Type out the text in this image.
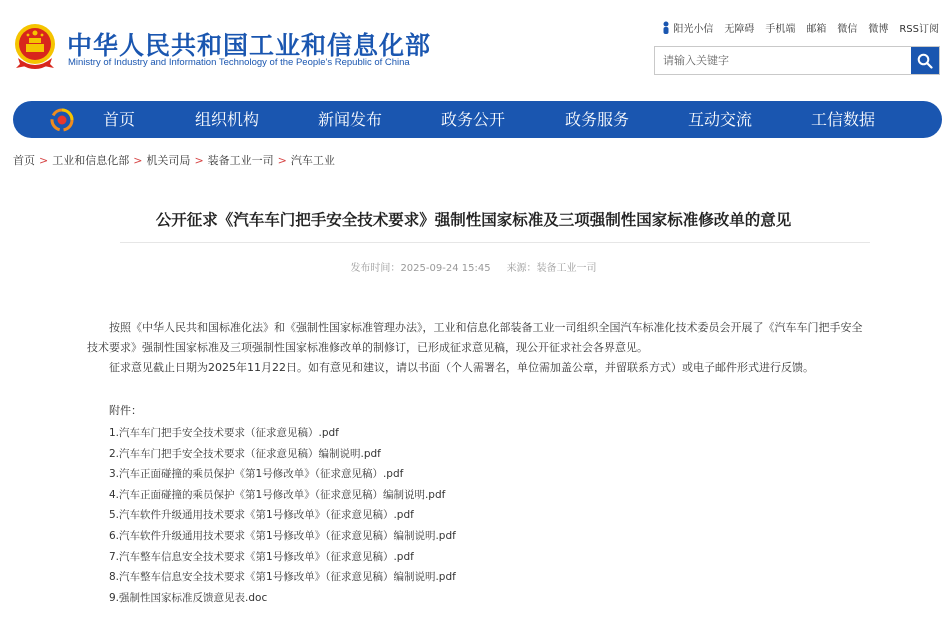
中华人民共和国工业和信息化部
Ministry of Industry and Information Technology of the People's Republic of China
阳光小信 无障碍 手机端 邮箱 微信 微博 RSS订阅
请输入关键字
首页	组织机构	新闻发布	政务公开	政务服务	互动交流	工信数据
首页 > 工业和信息化部 > 机关司局 > 装备工业一司 > 汽车工业
公开征求《汽车车门把手安全技术要求》强制性国家标准及三项强制性国家标准修改单的意见
发布时间：2025-09-24 15:45 来源：装备工业一司
按照《中华人民共和国标准化法》和《强制性国家标准管理办法》，工业和信息化部装备工业一司组织全国汽车标准化技术委员会开展了《汽车车门把手安全技术要求》强制性国家标准及三项强制性国家标准修改单的制修订，已形成征求意见稿，现公开征求社会各界意见。
征求意见截止日期为2025年11月22日。如有意见和建议，请以书面（个人需署名，单位需加盖公章，并留联系方式）或电子邮件形式进行反馈。
附件：
1.汽车车门把手安全技术要求（征求意见稿）.pdf
2.汽车车门把手安全技术要求（征求意见稿）编制说明.pdf
3.汽车正面碰撞的乘员保护《第1号修改单》（征求意见稿）.pdf
4.汽车正面碰撞的乘员保护《第1号修改单》（征求意见稿）编制说明.pdf
5.汽车软件升级通用技术要求《第1号修改单》（征求意见稿）.pdf
6.汽车软件升级通用技术要求《第1号修改单》（征求意见稿）编制说明.pdf
7.汽车整车信息安全技术要求《第1号修改单》（征求意见稿）.pdf
8.汽车整车信息安全技术要求《第1号修改单》（征求意见稿）编制说明.pdf
9.强制性国家标准反馈意见表.doc
